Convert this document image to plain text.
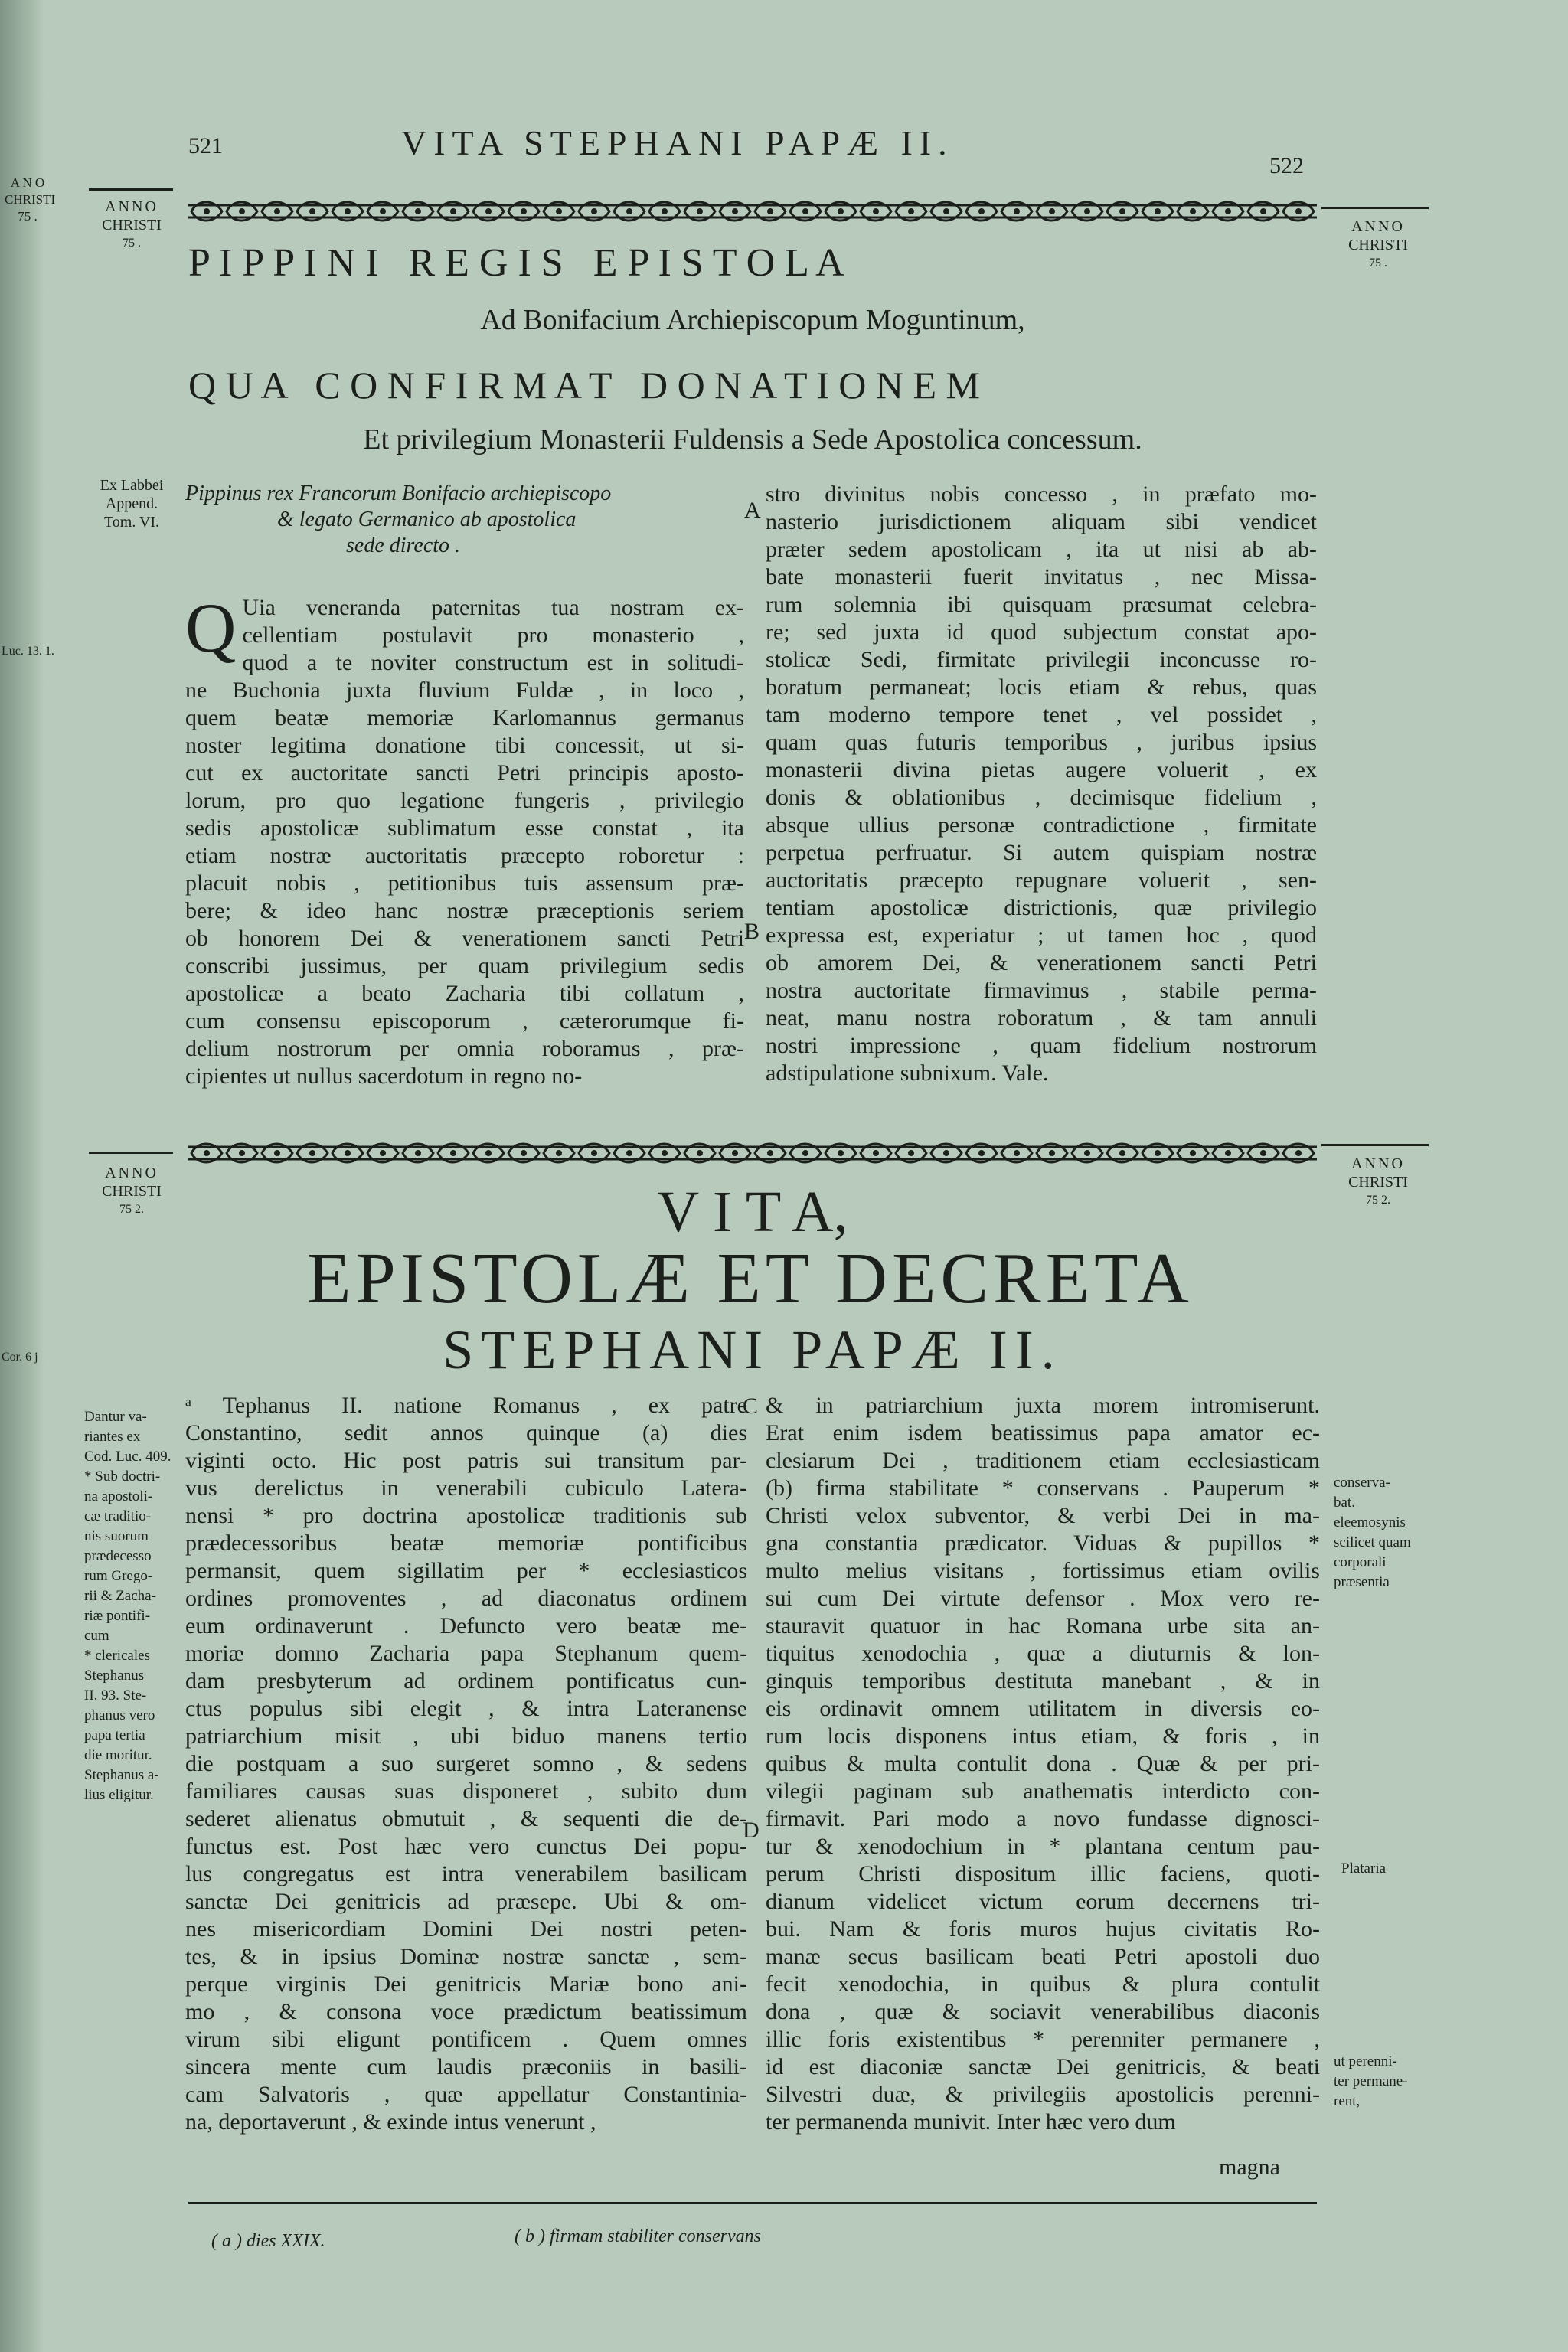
A N O
CHRISTI
75 .
Luc. 13. 1.
Cor. 6 j
521	VITA STEPHANI PAPÆ II.
522
ANNO
CHRISTI
75 .
ANNO
CHRISTI
75 .
P I P P I N I   R E G I S   E P I S T O L A
Ad Bonifacium Archiepiscopum Moguntinum,
Q U A   C O N F I R M A T   D O N A T I O N E M
Et privilegium Monasterii Fuldensis a Sede Apostolica concessum.
Ex Labbei
Append.
Tom. VI.
Pippinus rex Francorum Bonifacio archiepiscopo
& legato Germanico ab apostolica
sede directo .
Q Uia veneranda paternitas tua nostram ex-
cellentiam postulavit pro monasterio ,
quod a te noviter constructum est in solitudi-
ne Buchonia juxta fluvium Fuldæ , in loco ,
quem beatæ memoriæ Karlomannus germanus
noster legitima donatione tibi concessit, ut si-
cut ex auctoritate sancti Petri principis aposto-
lorum, pro quo legatione fungeris , privilegio
sedis apostolicæ sublimatum esse constat , ita
etiam nostræ auctoritatis præcepto roboretur :
placuit nobis , petitionibus tuis assensum præ-
bere; & ideo hanc nostræ præceptionis seriem
ob honorem Dei & venerationem sancti Petri
conscribi jussimus, per quam privilegium sedis
apostolicæ a beato Zacharia tibi collatum ,
cum consensu episcoporum , cæterorumque fi-
delium nostrorum per omnia roboramus , præ-
cipientes ut nullus sacerdotum in regno no-
A
B
stro divinitus nobis concesso , in præfato mo-
nasterio jurisdictionem aliquam sibi vendicet
præter sedem apostolicam , ita ut nisi ab ab-
bate monasterii fuerit invitatus , nec Missa-
rum solemnia ibi quisquam præsumat celebra-
re; sed juxta id quod subjectum constat apo-
stolicæ Sedi, firmitate privilegii inconcusse ro-
boratum permaneat; locis etiam & rebus, quas
tam moderno tempore tenet , vel possidet ,
quam quas futuris temporibus , juribus ipsius
monasterii divina pietas augere voluerit , ex
donis & oblationibus , decimisque fidelium ,
absque ullius personæ contradictione , firmitate
perpetua perfruatur. Si autem quispiam nostræ
auctoritatis præcepto repugnare voluerit , sen-
tentiam apostolicæ districtionis, quæ privilegio
expressa est, experiatur ; ut tamen hoc , quod
ob amorem Dei, & venerationem sancti Petri
nostra auctoritate firmavimus , stabile perma-
neat, manu nostra roboratum , & tam annuli
nostri impressione , quam fidelium nostrorum
adstipulatione subnixum. Vale.
ANNO
CHRISTI
75 2.
ANNO
CHRISTI
75 2.
V I T A,
EPISTOLÆ ET DECRETA
STEPHANI PAPÆ II.
Dantur va-
riantes ex
Cod. Luc. 409.
* Sub doctri-
na apostoli-
cæ traditio-
nis suorum
prædecesso
rum Grego-
rii & Zacha-
riæ pontifi-
cum
* clericales
Stephanus
II. 93. Ste-
phanus vero
papa tertia
die moritur.
Stephanus a-
lius eligitur.
ᵃ Tephanus II. natione Romanus , ex patre
Constantino, sedit annos quinque (a) dies
viginti octo. Hic post patris sui transitum par-
vus derelictus in venerabili cubiculo Latera-
nensi * pro doctrina apostolicæ traditionis sub
prædecessoribus beatæ memoriæ pontificibus
permansit, quem sigillatim per * ecclesiasticos
ordines promoventes , ad diaconatus ordinem
eum ordinaverunt . Defuncto vero beatæ me-
moriæ domno Zacharia papa Stephanum quem-
dam presbyterum ad ordinem pontificatus cun-
ctus populus sibi elegit , & intra Lateranense
patriarchium misit , ubi biduo manens tertio
die postquam a suo surgeret somno , & sedens
familiares causas suas disponeret , subito dum
sederet alienatus obmutuit , & sequenti die de-
functus est. Post hæc vero cunctus Dei popu-
lus congregatus est intra venerabilem basilicam
sanctæ Dei genitricis ad præsepe. Ubi & om-
nes misericordiam Domini Dei nostri peten-
tes, & in ipsius Dominæ nostræ sanctæ , sem-
perque virginis Dei genitricis Mariæ bono ani-
mo , & consona voce prædictum beatissimum
virum sibi eligunt pontificem . Quem omnes
sincera mente cum laudis præconiis in basili-
cam Salvatoris , quæ appellatur Constantinia-
na, deportaverunt , & exinde intus venerunt ,
C
D
& in patriarchium juxta morem intromiserunt.
Erat enim isdem beatissimus papa amator ec-
clesiarum Dei , traditionem etiam ecclesiasticam
(b) firma stabilitate * conservans . Pauperum *
Christi velox subventor, & verbi Dei in ma-
gna constantia prædicator. Viduas & pupillos *
multo melius visitans , fortissimus etiam ovilis
sui cum Dei virtute defensor . Mox vero re-
stauravit quatuor in hac Romana urbe sita an-
tiquitus xenodochia , quæ a diuturnis & lon-
ginquis temporibus destituta manebant , & in
eis ordinavit omnem utilitatem in diversis eo-
rum locis disponens intus etiam, & foris , in
quibus & multa contulit dona . Quæ & per pri-
vilegii paginam sub anathematis interdicto con-
firmavit. Pari modo a novo fundasse dignosci-
tur & xenodochium in * plantana centum pau-
perum Christi dispositum illic faciens, quoti-
dianum videlicet victum eorum decernens tri-
bui. Nam & foris muros hujus civitatis Ro-
manæ secus basilicam beati Petri apostoli duo
fecit xenodochia, in quibus & plura contulit
dona , quæ & sociavit venerabilibus diaconis
illic foris existentibus * perenniter permanere ,
id est diaconiæ sanctæ Dei genitricis, & beati
Silvestri duæ, & privilegiis apostolicis perenni-
ter permanenda munivit. Inter hæc vero dum
magna
conserva-
bat.
eleemosynis
scilicet quam
corporali
præsentia
Plataria
ut perenni-
ter permane-
rent,
( a ) dies XXIX.	( b ) firmam stabiliter conservans
